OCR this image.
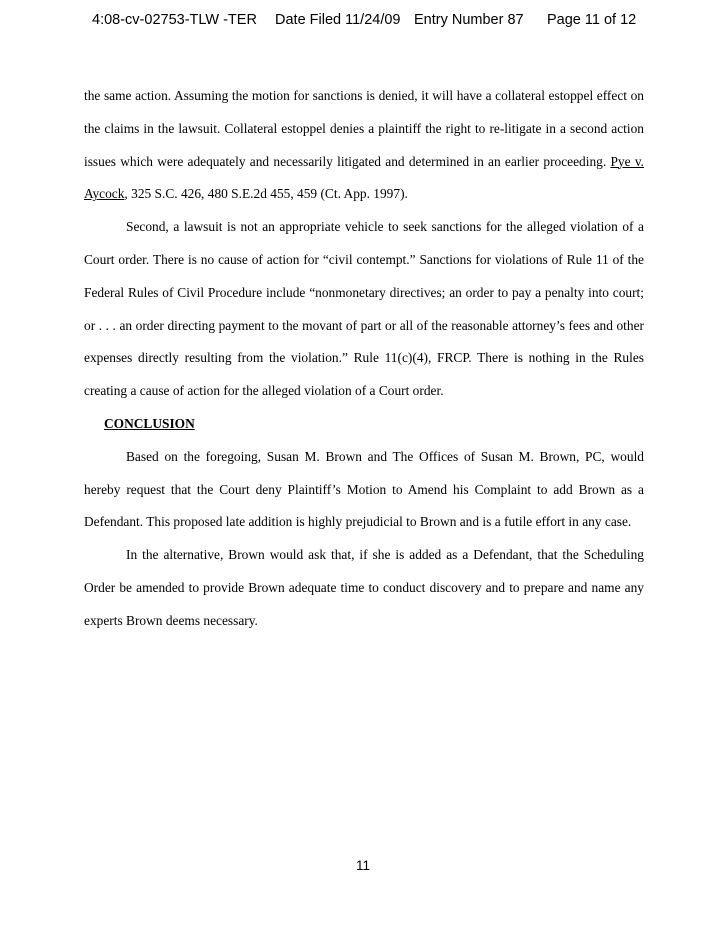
4:08-cv-02753-TLW -TER Date Filed 11/24/09 Entry Number 87 Page 11 of 12

the same action. Assuming the motion for sanctions is denied, it will have a collateral estoppel effect on the claims in the lawsuit. Collateral estoppel denies a plaintiff the right to re-litigate in a second action issues which were adequately and necessarily litigated and determined in an earlier proceeding. Pye v. Aycock, 325 S.C. 426, 480 S.E.2d 455, 459 (Ct. App. 1997).

Second, a lawsuit is not an appropriate vehicle to seek sanctions for the alleged violation of a Court order. There is no cause of action for “civil contempt.” Sanctions for violations of Rule 11 of the Federal Rules of Civil Procedure include “nonmonetary directives; an order to pay a penalty into court; or . . . an order directing payment to the movant of part or all of the reasonable attorney’s fees and other expenses directly resulting from the violation.” Rule 11(c)(4), FRCP. There is nothing in the Rules creating a cause of action for the alleged violation of a Court order.

CONCLUSION

Based on the foregoing, Susan M. Brown and The Offices of Susan M. Brown, PC, would hereby request that the Court deny Plaintiff’s Motion to Amend his Complaint to add Brown as a Defendant. This proposed late addition is highly prejudicial to Brown and is a futile effort in any case.

In the alternative, Brown would ask that, if she is added as a Defendant, that the Scheduling Order be amended to provide Brown adequate time to conduct discovery and to prepare and name any experts Brown deems necessary.

11
